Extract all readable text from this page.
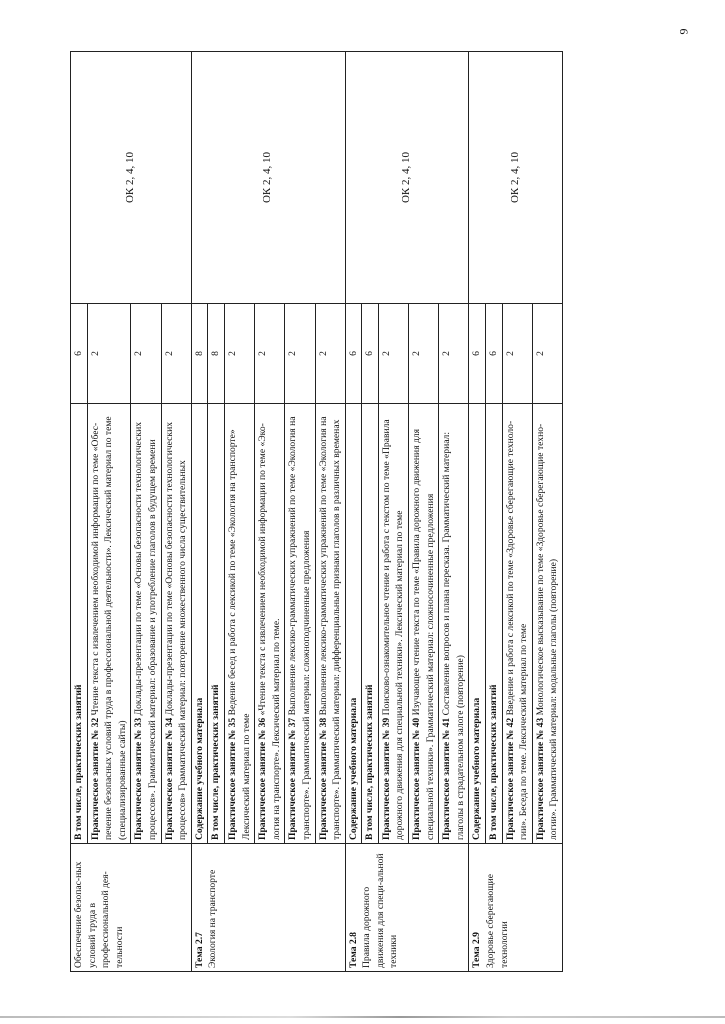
9
Обеспечение безопас-ных условий труда в профессиональной дея-тельности	В том числе, практических занятий	6	ОК 2, 4, 10
	Практическое занятие № 32 Чтение текста с извлечением необходимой информации по теме «Обес-печение безопасных условий труда в профессиональной деятельности». Лексический материал по теме (специализированные сайты)	2	
	Практическое занятие № 33 Доклады-презентации по теме «Основы безопасности технологических процессов». Грамматический материал: образование и употребление глаголов в будущем времени	2	
	Практическое занятие № 34 Доклады-презентации по теме «Основы безопасности технологических процессов» Грамматический материал: повторение множественного числа существительных	2	
Тема 2.7 Экология на транспорте	Содержание учебного материала	8	ОК 2, 4, 10
	В том числе, практических занятий	8	
	Практическое занятие № 35 Ведение бесед и работа с лексикой по теме «Экология на транспорте» Лексический материал по теме	2	
	Практическое занятие № 36 «Чтение текста с извлечением необходимой информации по теме «Эко-логия на транспорте». Лексический материал по теме.	2	
	Практическое занятие № 37 Выполнение лексико-грамматических упражнений по теме «Экология на транспорте». Грамматический материал: сложноподчиненные предложения	2	
	Практическое занятие № 38 Выполнение лексико-грамматических упражнений по теме «Экология на транспорте». Грамматический материал: дифференциальные признаки глаголов в различных временах	2	
Тема 2.8 Правила дорожного движения для специ-альной техники	Содержание учебного материала	6	ОК 2, 4, 10
	В том числе, практических занятий	6	
	Практическое занятие № 39 Поисково-ознакомительное чтение и работа с текстом по теме «Правила дорожного движения для специальной техники». Лексический материал по теме	2	
	Практическое занятие № 40 Изучающее чтение текста по теме «Правила дорожного движения для специальной техники». Грамматический материал: сложносочиненные предложения	2	
	Практическое занятие № 41 Составление вопросов и плана пересказа. Грамматический материал: глаголы в страдательном залоге (повторение)	2	
Тема 2.9 Здоровье сберегающие технологии	Содержание учебного материала	6	ОК 2, 4, 10
	В том числе, практических занятий	6	
	Практическое занятие № 42 Введение и работа с лексикой по теме «Здоровье сберегающие техноло-гии». Беседа по теме. Лексический материал по теме	2	
	Практическое занятие № 43 Монологическое высказывание по теме «Здоровье сберегающие техно-логии». Грамматический материал: модальные глаголы (повторение)	2	
